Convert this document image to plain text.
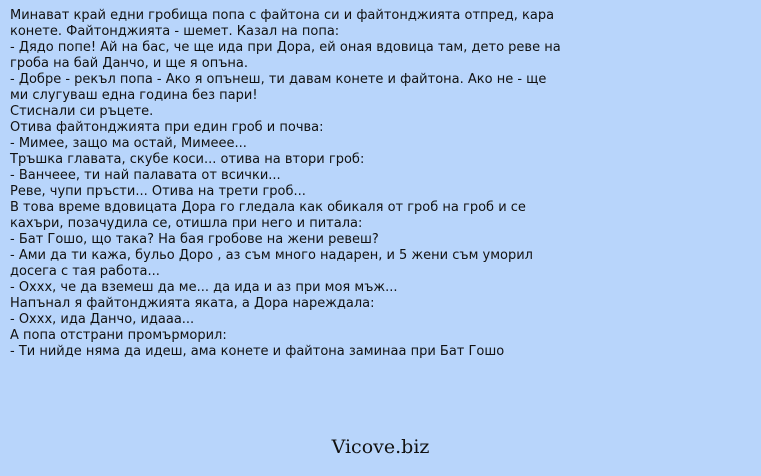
Минават край едни гробища попа с файтона си и файтонджията отпред, кара
конете. Файтонджията - шемет. Казал на попа:
- Дядо попе! Ай на бас, че ще ида при Дора, ей оная вдовица там, дето реве на
гроба на бай Данчо, и ще я опъна.
- Добре - рекъл попа - Ако я опънеш, ти давам конете и файтона. Ако не - ще
ми слугуваш една година без пари!
Стиснали си ръцете.
Отива файтонджията при един гроб и почва:
- Мимее, защо ма остай, Мимеее...
Тръшка главата, скубе коси... отива на втори гроб:
- Ванчеее, ти най палавата от всички...
Реве, чупи пръсти... Отива на трети гроб...
В това време вдовицата Дора го гледала как обикаля от гроб на гроб и се
кахъри, позачудила се, отишла при него и питала:
- Бат Гошо, що така? На бая гробове на жени ревеш?
- Ами да ти кажа, бульо Доро , аз съм много надарен, и 5 жени съм уморил
досега с тая работа...
- Оххх, че да вземеш да ме... да ида и аз при моя мъж...
Напънал я файтонджията яката, а Дора нареждала:
- Оххх, ида Данчо, идааа...
А попа отстрани промърморил:
- Ти нийде няма да идеш, ама конете и файтона заминаа при Бат Гошо
Vicove.biz
